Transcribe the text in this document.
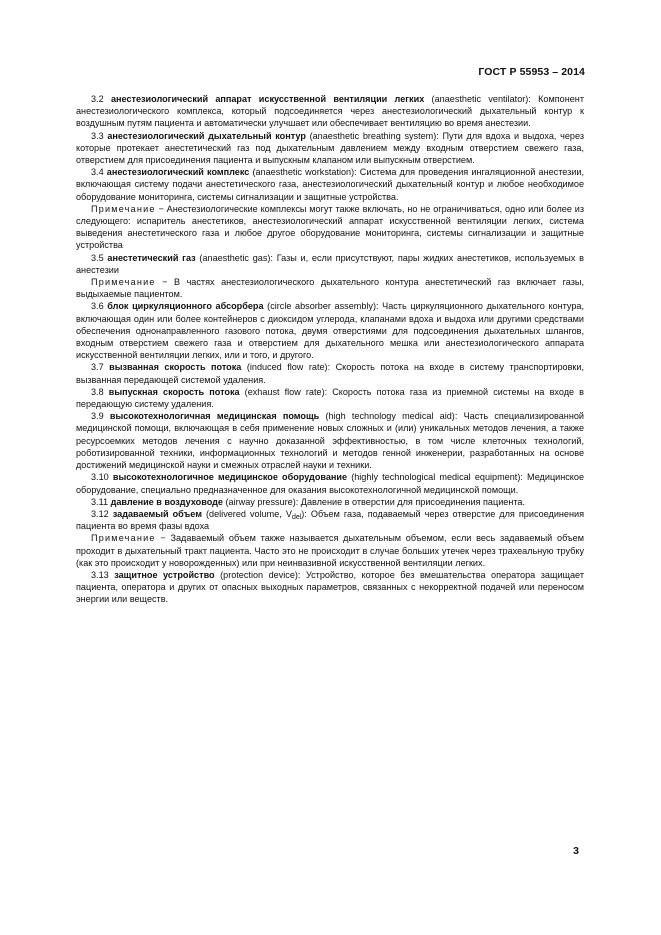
ГОСТ Р 55953 – 2014

3.2 анестезиологический аппарат искусственной вентиляции легких (anaesthetic ventilator): Компонент анестезиологического комплекса, который подсоединяется через анестезиологический дыхательный контур к воздушным путям пациента и автоматически улучшает или обеспечивает вентиляцию во время анестезии.

3.3 анестезиологический дыхательный контур (anaesthetic breathing system): Пути для вдоха и выдоха, через которые протекает анестетический газ под дыхательным давлением между входным отверстием свежего газа, отверстием для присоединения пациента и выпускным клапаном или выпускным отверстием.

3.4 анестезиологический комплекс (anaesthetic workstation): Система для проведения ингаляционной анестезии, включающая систему подачи анестетического газа, анестезиологический дыхательный контур и любое необходимое оборудование мониторинга, системы сигнализации и защитные устройства.

Примечание − Анестезиологические комплексы могут также включать, но не ограничиваться, одно или более из следующего: испаритель анестетиков, анестезиологический аппарат искусственной вентиляции легких, система выведения анестетического газа и любое другое оборудование мониторинга, системы сигнализации и защитные устройства

3.5 анестетический газ (anaesthetic gas): Газы и, если присутствуют, пары жидких анестетиков, используемых в анестезии

Примечание − В частях анестезиологического дыхательного контура анестетический газ включает газы, выдыхаемые пациентом.

3.6 блок циркуляционного абсорбера (circle absorber assembly): Часть циркуляционного дыхательного контура, включающая один или более контейнеров с диоксидом углерода, клапанами вдоха и выдоха или другими средствами обеспечения однонаправленного газового потока, двумя отверстиями для подсоединения дыхательных шлангов, входным отверстием свежего газа и отверстием для дыхательного мешка или анестезиологического аппарата искусственной вентиляции легких, или и того, и другого.

3.7 вызванная скорость потока (induced flow rate): Скорость потока на входе в систему транспортировки, вызванная передающей системой удаления.

3.8 выпускная скорость потока (exhaust flow rate): Скорость потока газа из приемной системы на входе в передающую систему удаления.

3.9 высокотехнологичная медицинская помощь (high technology medical aid): Часть специализированной медицинской помощи, включающая в себя применение новых сложных и (или) уникальных методов лечения, а также ресурсоемких методов лечения с научно доказанной эффективностью, в том числе клеточных технологий, роботизированной техники, информационных технологий и методов генной инженерии, разработанных на основе достижений медицинской науки и смежных отраслей науки и техники.

3.10 высокотехнологичное медицинское оборудование (highly technological medical equipment): Медицинское оборудование, специально предназначенное для оказания высокотехнологичной медицинской помощи.

3.11 давление в воздуховоде (airway pressure): Давление в отверстии для присоединения пациента.

3.12 задаваемый объем (delivered volume, $V_{del}$): Объем газа, подаваемый через отверстие для присоединения пациента во время фазы вдоха

Примечание − Задаваемый объем также называется дыхательным объемом, если весь задаваемый объем проходит в дыхательный тракт пациента. Часто это не происходит в случае больших утечек через трахеальную трубку (как это происходит у новорожденных) или при неинвазивной искусственной вентиляции легких.

3.13 защитное устройство (protection device): Устройство, которое без вмешательства оператора защищает пациента, оператора и других от опасных выходных параметров, связанных с некорректной подачей или переносом энергии или веществ.

3
